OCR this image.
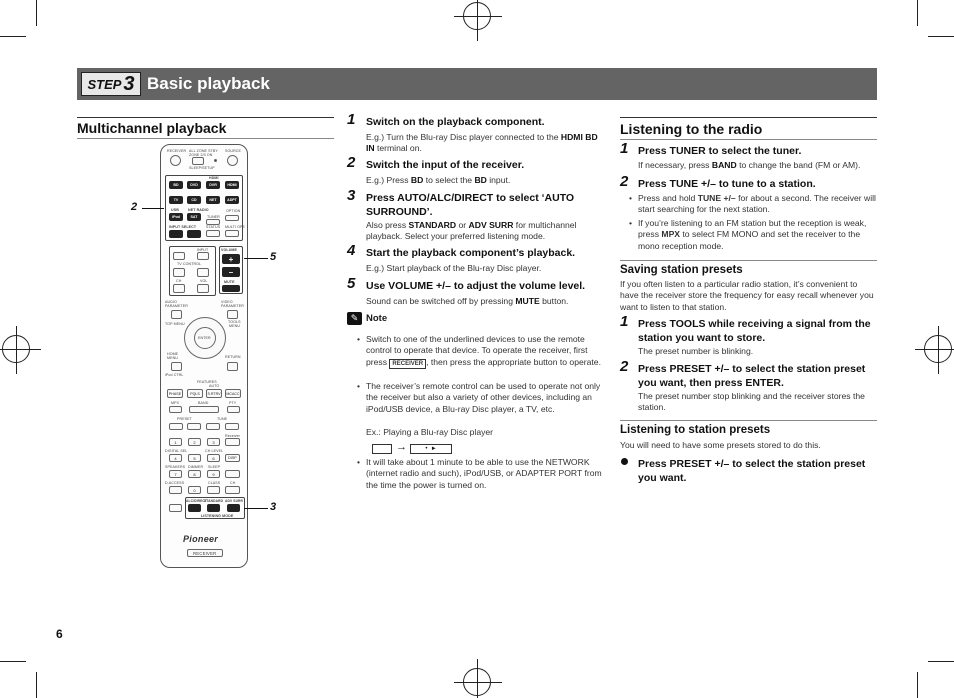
STEP 3 Basic playback
Multichannel playback
RECEIVER ALL ZONE STBY SOURCE
ZONE 2/3 ON
SLEEP/SETUP
HDMI
BD	DVD	DVR	HDMI
TV	CD	NET	ADPT
USB	NET RADIO
TUNER
OPTION
iPod	SAT
INPUT SELECT	STATUS MULTI OPE
INPUT
TV CONTROL
CH	VOL
VOLUME
+
–
MUTE
AUDIO PARAMETER
VIDEO PARAMETER
TOP MENU	TOOLS
MENU
ENTER
HOME MENU	RETURN
iPod CTRL
FEATURES
AUTO
PHASE	PQLS	S.RTRV	MCACC
MPX	BAND	PTY
PRESET	TUNE
Receiver
1	2	3
DIGITAL SEL	CH LEVEL
4	5	6	DISP
SPEAKERS DIMMER SLEEP
7	8	9
D.ACCESS	CLASS	CH
0
ALC/DIRECT
STANDARD ADV SURR
LISTENING MODE
Pioneer
RECEIVER
2
5
3
1 Switch on the playback component.
E.g.) Turn the Blu-ray Disc player connected to the HDMI BD IN terminal on.
2 Switch the input of the receiver.
E.g.) Press BD to select the BD input.
3 Press AUTO/ALC/DIRECT to select ‘AUTO SURROUND’.
Also press STANDARD or ADV SURR for multichannel playback. Select your preferred listening mode.
4 Start the playback component’s playback.
E.g.) Start playback of the Blu-ray Disc player.
5 Use VOLUME +/– to adjust the volume level.
Sound can be switched off by pressing MUTE button.
✎ Note
• Switch to one of the underlined devices to use the remote control to operate that device. To operate the receiver, first press RECEIVER , then press the appropriate button to operate.
• The receiver’s remote control can be used to operate not only the receiver but also a variety of other devices, including an iPod/USB device, a Blu-ray Disc player, a TV, etc.
Ex.: Playing a Blu-ray Disc player
→	•  ►
• It will take about 1 minute to be able to use the NETWORK (internet radio and such), iPod/USB, or ADAPTER PORT from the time the power is turned on.
Listening to the radio
1 Press TUNER to select the tuner.
If necessary, press BAND to change the band (FM or AM).
2 Press TUNE +/– to tune to a station.
• Press and hold TUNE +/– for about a second. The receiver will start searching for the next station.
• If you’re listening to an FM station but the reception is weak, press MPX to select FM MONO and set the receiver to the mono reception mode.
Saving station presets
If you often listen to a particular radio station, it’s convenient to have the receiver store the frequency for easy recall whenever you want to listen to that station.
1 Press TOOLS while receiving a signal from the station you want to store.
The preset number is blinking.
2 Press PRESET +/– to select the station preset you want, then press ENTER.
The preset number stop blinking and the receiver stores the station.
Listening to station presets
You will need to have some presets stored to do this.
Press PRESET +/– to select the station preset you want.
6
